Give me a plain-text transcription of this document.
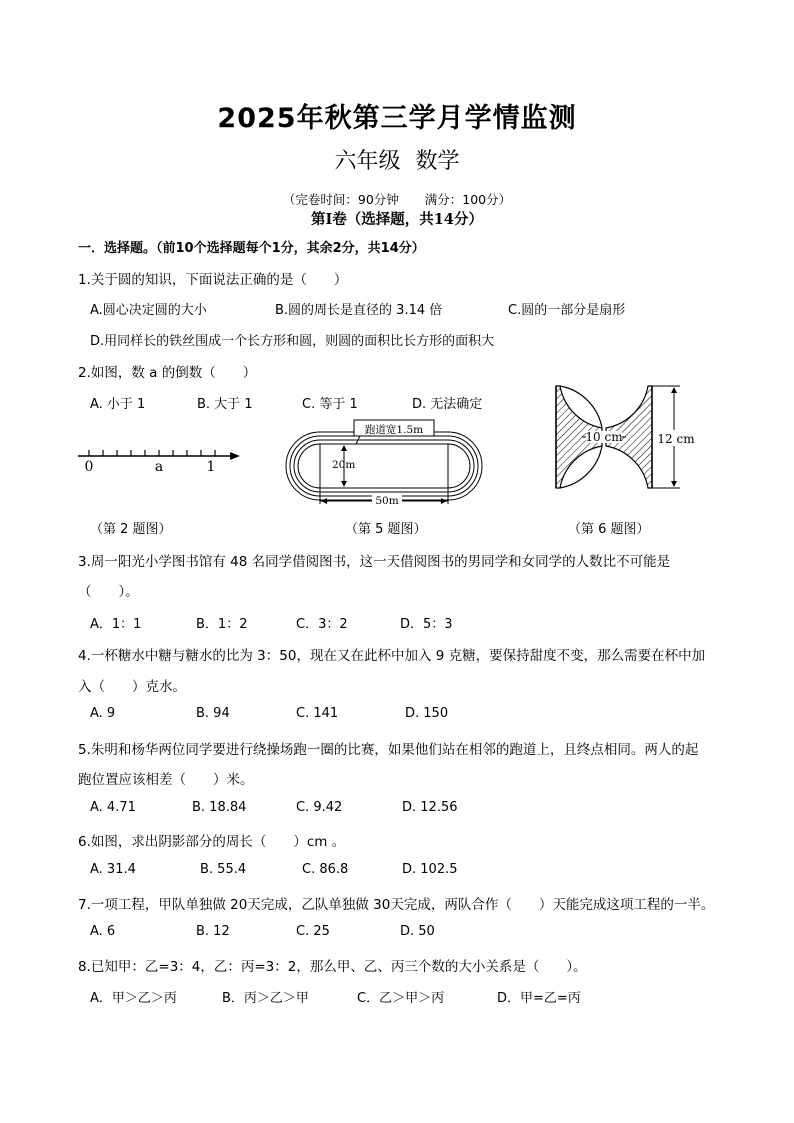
2025年秋第三学月学情监测
六年级 数学
（完卷时间：90分钟 满分：100分）
第Ⅰ卷（选择题，共14分）
一．选择题。（前10个选择题每个1分，其余2分，共14分）
1.关于圆的知识，下面说法正确的是（　　）
A.圆心决定圆的大小	B.圆的周长是直径的 3.14 倍	C.圆的一部分是扇形
D.用同样长的铁丝围成一个长方形和圆，则圆的面积比长方形的面积大
2.如图，数 a 的倒数（　　）
A. 小于 1	B. 大于 1	C. 等于 1	D. 无法确定
0	a	1
跑道宽1.5m
20m
50m
12 cm
10 cm
（第 2 题图）	（第 5 题图）	（第 6 题图）
3.周一阳光小学图书馆有 48 名同学借阅图书，这一天借阅图书的男同学和女同学的人数比不可能是
（　　）。
A．1：1	B．1：2	C．3：2	D．5：3
4.一杯糖水中糖与糖水的比为 3：50，现在又在此杯中加入 9 克糖，要保持甜度不变，那么需要在杯中加
入（　　）克水。
A. 9	B. 94	C. 141	D. 150
5.朱明和杨华两位同学要进行绕操场跑一圈的比赛，如果他们站在相邻的跑道上，且终点相同。两人的起
跑位置应该相差（　　）米。
A. 4.71	B. 18.84	C. 9.42	D. 12.56
6.如图，求出阴影部分的周长（　　）cm 。
A. 31.4	B. 55.4	C. 86.8	D. 102.5
7.一项工程，甲队单独做 20天完成，乙队单独做 30天完成，两队合作（　　）天能完成这项工程的一半。
A. 6	B. 12	C. 25	D. 50
8.已知甲：乙=3：4，乙：丙=3：2，那么甲、乙、丙三个数的大小关系是（　　）。
A．甲＞乙＞丙	B．丙＞乙＞甲	C．乙＞甲＞丙	D．甲=乙=丙
